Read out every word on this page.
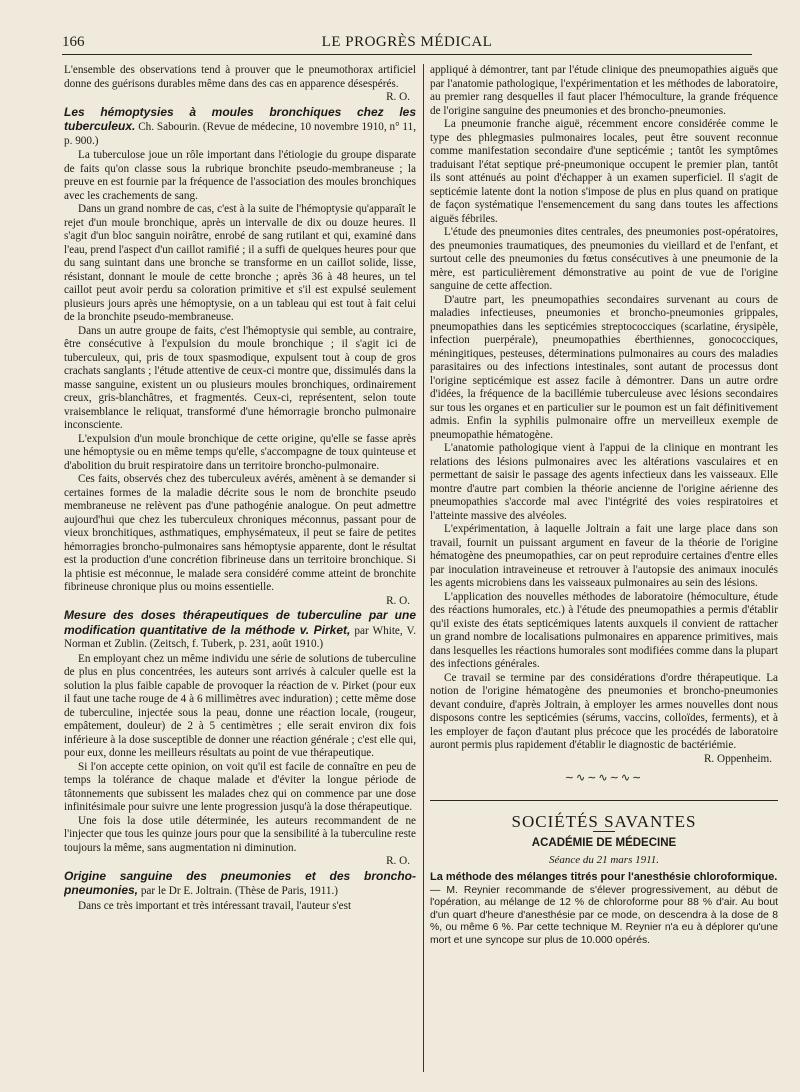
166	LE PROGRÈS MÉDICAL

L'ensemble des observations tend à prouver que le pneumothorax artificiel donne des guérisons durables même dans des cas en apparence désespérés.

R. O.

Les hémoptysies à moules bronchiques chez les tuberculeux. Ch. Sabourin. (Revue de médecine, 10 novembre 1910, n° 11, p. 900.)

La tuberculose joue un rôle important dans l'étiologie du groupe disparate de faits qu'on classe sous la rubrique bronchite pseudo-membraneuse ; la preuve en est fournie par la fréquence de l'association des moules bronchiques avec les crachements de sang.

Dans un grand nombre de cas, c'est à la suite de l'hémoptysie qu'apparaît le rejet d'un moule bronchique, après un intervalle de dix ou douze heures. Il s'agit d'un bloc sanguin noirâtre, enrobé de sang rutilant et qui, examiné dans l'eau, prend l'aspect d'un caillot ramifié ; il a suffi de quelques heures pour que du sang suintant dans une bronche se transforme en un caillot solide, lisse, résistant, donnant le moule de cette bronche ; après 36 à 48 heures, un tel caillot peut avoir perdu sa coloration primitive et s'il est expulsé seulement plusieurs jours après une hémoptysie, on a un tableau qui est tout à fait celui de la bronchite pseudo-membraneuse.

Dans un autre groupe de faits, c'est l'hémoptysie qui semble, au contraire, être consécutive à l'expulsion du moule bronchique ; il s'agit ici de tuberculeux, qui, pris de toux spasmodique, expulsent tout à coup de gros crachats sanglants ; l'étude attentive de ceux-ci montre que, dissimulés dans la masse sanguine, existent un ou plusieurs moules bronchiques, ordinairement creux, gris-blanchâtres, et fragmentés. Ceux-ci, représentent, selon toute vraisemblance le reliquat, transformé d'une hémorragie broncho pulmonaire inconsciente.

L'expulsion d'un moule bronchique de cette origine, qu'elle se fasse après une hémoptysie ou en même temps qu'elle, s'accompagne de toux quinteuse et d'abolition du bruit respiratoire dans un territoire broncho-pulmonaire.

Ces faits, observés chez des tuberculeux avérés, amènent à se demander si certaines formes de la maladie décrite sous le nom de bronchite pseudo membraneuse ne relèvent pas d'une pathogénie analogue. On peut admettre aujourd'hui que chez les tuberculeux chroniques méconnus, passant pour de vieux bronchitiques, asthmatiques, emphysémateux, il peut se faire de petites hémorragies broncho-pulmonaires sans hémoptysie apparente, dont le résultat est la production d'une concrétion fibrineuse dans un territoire bronchique. Si la phtisie est méconnue, le malade sera considéré comme atteint de bronchite fibrineuse chronique plus ou moins essentielle.

R. O.

Mesure des doses thérapeutiques de tuberculine par une modification quantitative de la méthode v. Pirket, par White, V. Norman et Zublin. (Zeitsch, f. Tuberk, p. 231, août 1910.)

En employant chez un même individu une série de solutions de tuberculine de plus en plus concentrées, les auteurs sont arrivés à calculer quelle est la solution la plus faible capable de provoquer la réaction de v. Pirket (pour eux il faut une tache rouge de 4 à 6 millimètres avec induration) ; cette même dose de tuberculine, injectée sous la peau, donne une réaction locale, (rougeur, empâtement, douleur) de 2 à 5 centimètres ; elle serait environ dix fois inférieure à la dose susceptible de donner une réaction générale ; c'est elle qui, pour eux, donne les meilleurs résultats au point de vue thérapeutique.

Si l'on accepte cette opinion, on voit qu'il est facile de connaître en peu de temps la tolérance de chaque malade et d'éviter la longue période de tâtonnements que subissent les malades chez qui on commence par une dose infinitésimale pour suivre une lente progression jusqu'à la dose thérapeutique.

Une fois la dose utile déterminée, les auteurs recommandent de ne l'injecter que tous les quinze jours pour que la sensibilité à la tuberculine reste toujours la même, sans augmentation ni diminution.

R. O.

Origine sanguine des pneumonies et des broncho-pneumonies, par le Dr E. Joltrain. (Thèse de Paris, 1911.)

Dans ce très important et très intéressant travail, l'auteur s'est

appliqué à démontrer, tant par l'étude clinique des pneumopathies aiguës que par l'anatomie pathologique, l'expérimentation et les méthodes de laboratoire, au premier rang desquelles il faut placer l'hémoculture, la grande fréquence de l'origine sanguine des pneumonies et des broncho-pneumonies.

La pneumonie franche aiguë, récemment encore considérée comme le type des phlegmasies pulmonaires locales, peut être souvent reconnue comme manifestation secondaire d'une septicémie ; tantôt les symptômes traduisant l'état septique pré-pneumonique occupent le premier plan, tantôt ils sont atténués au point d'échapper à un examen superficiel. Il s'agit de septicémie latente dont la notion s'impose de plus en plus quand on pratique de façon systématique l'ensemencement du sang dans toutes les affections aiguës fébriles.

L'étude des pneumonies dites centrales, des pneumonies post-opératoires, des pneumonies traumatiques, des pneumonies du vieillard et de l'enfant, et surtout celle des pneumonies du fœtus consécutives à une pneumonie de la mère, est particulièrement démonstrative au point de vue de l'origine sanguine de cette affection.

D'autre part, les pneumopathies secondaires survenant au cours de maladies infectieuses, pneumonies et broncho-pneumonies grippales, pneumopathies dans les septicémies streptococciques (scarlatine, érysipèle, infection puerpérale), pneumopathies éberthiennes, gonococciques, méningitiques, pesteuses, déterminations pulmonaires au cours des maladies parasitaires ou des infections intestinales, sont autant de processus dont l'origine septicémique est assez facile à démontrer. Dans un autre ordre d'idées, la fréquence de la bacillémie tuberculeuse avec lésions secondaires sur tous les organes et en particulier sur le poumon est un fait définitivement admis. Enfin la syphilis pulmonaire offre un merveilleux exemple de pneumopathie hématogène.

L'anatomie pathologique vient à l'appui de la clinique en montrant les relations des lésions pulmonaires avec les altérations vasculaires et en permettant de saisir le passage des agents infectieux dans les vaisseaux. Elle montre d'autre part combien la théorie ancienne de l'origine aérienne des pneumopathies s'accorde mal avec l'intégrité des voies respiratoires et l'atteinte massive des alvéoles.

L'expérimentation, à laquelle Joltrain a fait une large place dans son travail, fournit un puissant argument en faveur de la théorie de l'origine hématogène des pneumopathies, car on peut reproduire certaines d'entre elles par inoculation intraveineuse et retrouver à l'autopsie des animaux inoculés les agents microbiens dans les vaisseaux pulmonaires au sein des lésions.

L'application des nouvelles méthodes de laboratoire (hémoculture, étude des réactions humorales, etc.) à l'étude des pneumopathies a permis d'établir qu'il existe des états septicémiques latents auxquels il convient de rattacher un grand nombre de localisations pulmonaires en apparence primitives, mais dans lesquelles les réactions humorales sont modifiées comme dans la plupart des infections générales.

Ce travail se termine par des considérations d'ordre thérapeutique. La notion de l'origine hématogène des pneumonies et broncho-pneumonies devant conduire, d'après Joltrain, à employer les armes nouvelles dont nous disposons contre les septicémies (sérums, vaccins, colloïdes, ferments), et à les employer de façon d'autant plus précoce que les procédés de laboratoire auront permis plus rapidement d'établir le diagnostic de bactériémie.

R. Oppenheim.
∼∿∼∿∼∿∼
SOCIÉTÉS SAVANTES
ACADÉMIE DE MÉDECINE
Séance du 21 mars 1911.
La méthode des mélanges titrés pour l'anesthésie chloroformique.
— M. Reynier recommande de s'élever progressivement, au début de l'opération, au mélange de 12 % de chloroforme pour 88 % d'air. Au bout d'un quart d'heure d'anesthésie par ce mode, on descendra à la dose de 8 %, ou même 6 %. Par cette technique M. Reynier n'a eu à déplorer qu'une mort et une syncope sur plus de 10.000 opérés.
